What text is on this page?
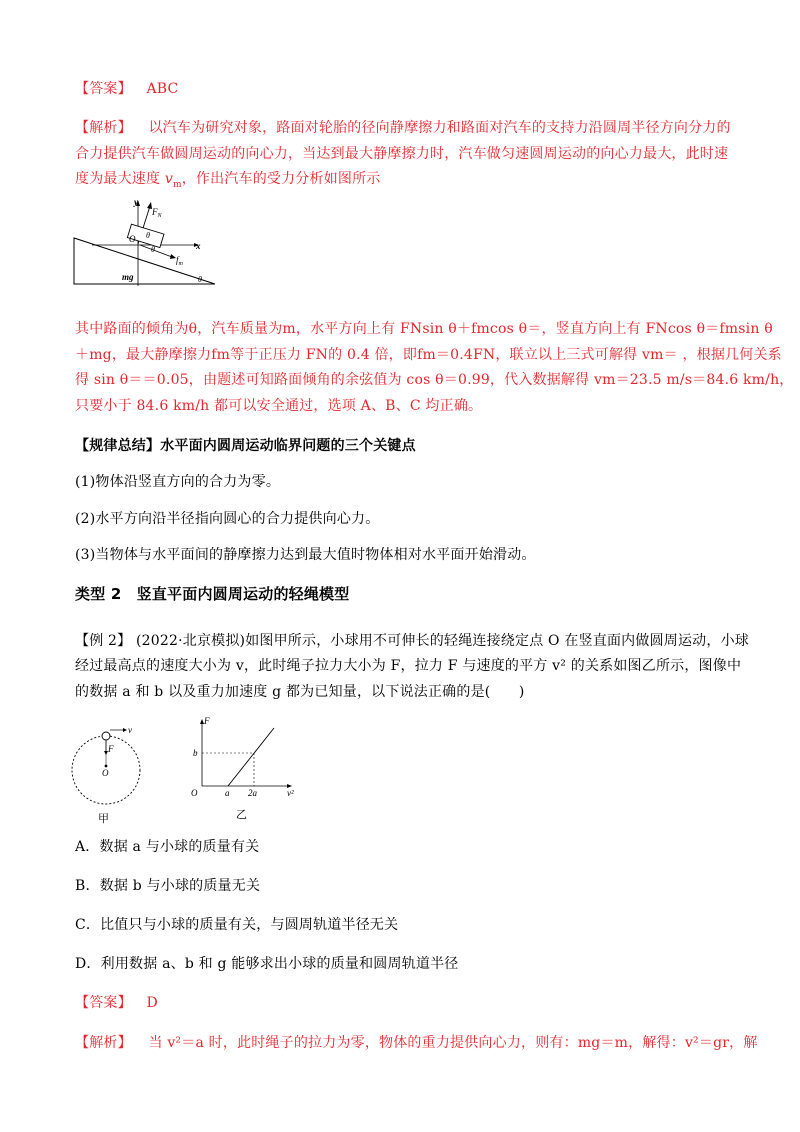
【答案】 ABC
【解析】 以汽车为研究对象，路面对轮胎的径向静摩擦力和路面对汽车的支持力沿圆周半径方向分力的
合力提供汽车做圆周运动的向心力，当达到最大静摩擦力时，汽车做匀速圆周运动的向心力最大，此时速
度为最大速度 $v_m$，作出汽车的受力分析如图所示
y
$F_N$
θ
O
θ	x
$f_m$
mg	θ
其中路面的倾角为θ，汽车质量为m，水平方向上有 FNsin θ＋fmcos θ＝，竖直方向上有 FNcos θ＝fmsin θ
＋mg，最大静摩擦力fm等于正压力 FN的 0.4 倍，即fm＝0.4FN，联立以上三式可解得 vm＝ ，根据几何关系
得 sin θ＝＝0.05，由题述可知路面倾角的余弦值为 cos θ＝0.99，代入数据解得 vm＝23.5 m/s＝84.6 km/h，
只要小于 84.6 km/h 都可以安全通过，选项 A、B、C 均正确。
【规律总结】水平面内圆周运动临界问题的三个关键点
(1)物体沿竖直方向的合力为零。
(2)水平方向沿半径指向圆心的合力提供向心力。
(3)当物体与水平面间的静摩擦力达到最大值时物体相对水平面开始滑动。
类型 2　竖直平面内圆周运动的轻绳模型
【例 2】 (2022·北京模拟)如图甲所示，小球用不可伸长的轻绳连接绕定点 O 在竖直面内做圆周运动，小球
经过最高点的速度大小为 v，此时绳子拉力大小为 F，拉力 F 与速度的平方 v² 的关系如图乙所示，图像中
的数据 a 和 b 以及重力加速度 g 都为已知量，以下说法正确的是(　　)
v
F
O
甲
F
b
O	a 2a	v²
乙
A．数据 a 与小球的质量有关
B．数据 b 与小球的质量无关
C．比值只与小球的质量有关，与圆周轨道半径无关
D．利用数据 a、b 和 g 能够求出小球的质量和圆周轨道半径
【答案】 D
【解析】 当 v²＝a 时，此时绳子的拉力为零，物体的重力提供向心力，则有：mg＝m，解得：v²＝gr，解
